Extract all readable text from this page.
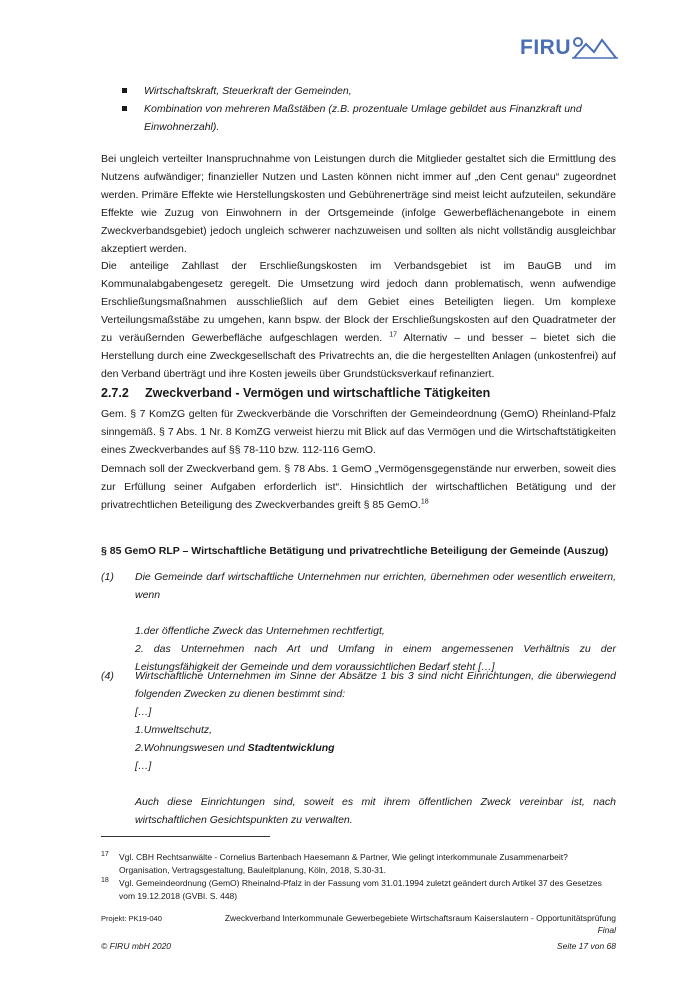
FIRU
Wirtschaftskraft, Steuerkraft der Gemeinden,
Kombination von mehreren Maßstäben (z.B. prozentuale Umlage gebildet aus Finanzkraft und Einwohnerzahl).

Bei ungleich verteilter Inanspruchnahme von Leistungen durch die Mitglieder gestaltet sich die Ermittlung des Nutzens aufwändiger; finanzieller Nutzen und Lasten können nicht immer auf „den Cent genau“ zugeordnet werden. Primäre Effekte wie Herstellungskosten und Gebührenerträge sind meist leicht aufzuteilen, sekundäre Effekte wie Zuzug von Einwohnern in der Ortsgemeinde (infolge Gewerbeflächenangebote in einem Zweckverbandsgebiet) jedoch ungleich schwerer nachzuweisen und sollten als nicht vollständig ausgleichbar akzeptiert werden.

Die anteilige Zahllast der Erschließungskosten im Verbandsgebiet ist im BauGB und im Kommunalabgabengesetz geregelt. Die Umsetzung wird jedoch dann problematisch, wenn aufwendige Erschließungsmaßnahmen ausschließlich auf dem Gebiet eines Beteiligten liegen. Um komplexe Verteilungsmaßstäbe zu umgehen, kann bspw. der Block der Erschließungskosten auf den Quadratmeter der zu veräußernden Gewerbefläche aufgeschlagen werden. $^{17}$ Alternativ – und besser – bietet sich die Herstellung durch eine Zweckgesellschaft des Privatrechts an, die die hergestellten Anlagen (unkostenfrei) auf den Verband überträgt und ihre Kosten jeweils über Grundstücksverkauf refinanziert.

2.7.2 Zweckverband - Vermögen und wirtschaftliche Tätigkeiten

Gem. § 7 KomZG gelten für Zweckverbände die Vorschriften der Gemeindeordnung (GemO) Rheinland-Pfalz sinngemäß. § 7 Abs. 1 Nr. 8 KomZG verweist hierzu mit Blick auf das Vermögen und die Wirtschaftstätigkeiten eines Zweckverbandes auf §§ 78-110 bzw. 112-116 GemO.

Demnach soll der Zweckverband gem. § 78 Abs. 1 GemO „Vermögensgegenstände nur erwerben, soweit dies zur Erfüllung seiner Aufgaben erforderlich ist“. Hinsichtlich der wirtschaftlichen Betätigung und der privatrechtlichen Beteiligung des Zweckverbandes greift § 85 GemO.$^{18}$

§ 85 GemO RLP – Wirtschaftliche Betätigung und privatrechtliche Beteiligung der Gemeinde (Auszug)
(1) Die Gemeinde darf wirtschaftliche Unternehmen nur errichten, übernehmen oder wesentlich erweitern, wenn
1.der öffentliche Zweck das Unternehmen rechtfertigt,
2. das Unternehmen nach Art und Umfang in einem angemessenen Verhältnis zu der Leistungsfähigkeit der Gemeinde und dem voraussichtlichen Bedarf steht […]
(4) Wirtschaftliche Unternehmen im Sinne der Absätze 1 bis 3 sind nicht Einrichtungen, die überwiegend folgenden Zwecken zu dienen bestimmt sind:
[…]
1.Umweltschutz,
2.Wohnungswesen und Stadtentwicklung
[…]
Auch diese Einrichtungen sind, soweit es mit ihrem öffentlichen Zweck vereinbar ist, nach wirtschaftlichen Gesichtspunkten zu verwalten.
17 Vgl. CBH Rechtsanwälte - Cornelius Bartenbach Haesemann & Partner, Wie gelingt interkommunale Zusammenarbeit? Organisation, Vertragsgestaltung, Bauleitplanung, Köln, 2018, S.30-31.
18 Vgl. Gemeindeordnung (GemO) Rheinalnd-Pfalz in der Fassung vom 31.01.1994 zuletzt geändert durch Artikel 37 des Gesetzes vom 19.12.2018 (GVBl. S. 448)
Projekt: PK19-040	Zweckverband Interkommunale Gewerbegebiete Wirtschaftsraum Kaiserslautern - Opportunitätsprüfung
Final
© FIRU mbH 2020	Seite 17 von 68
